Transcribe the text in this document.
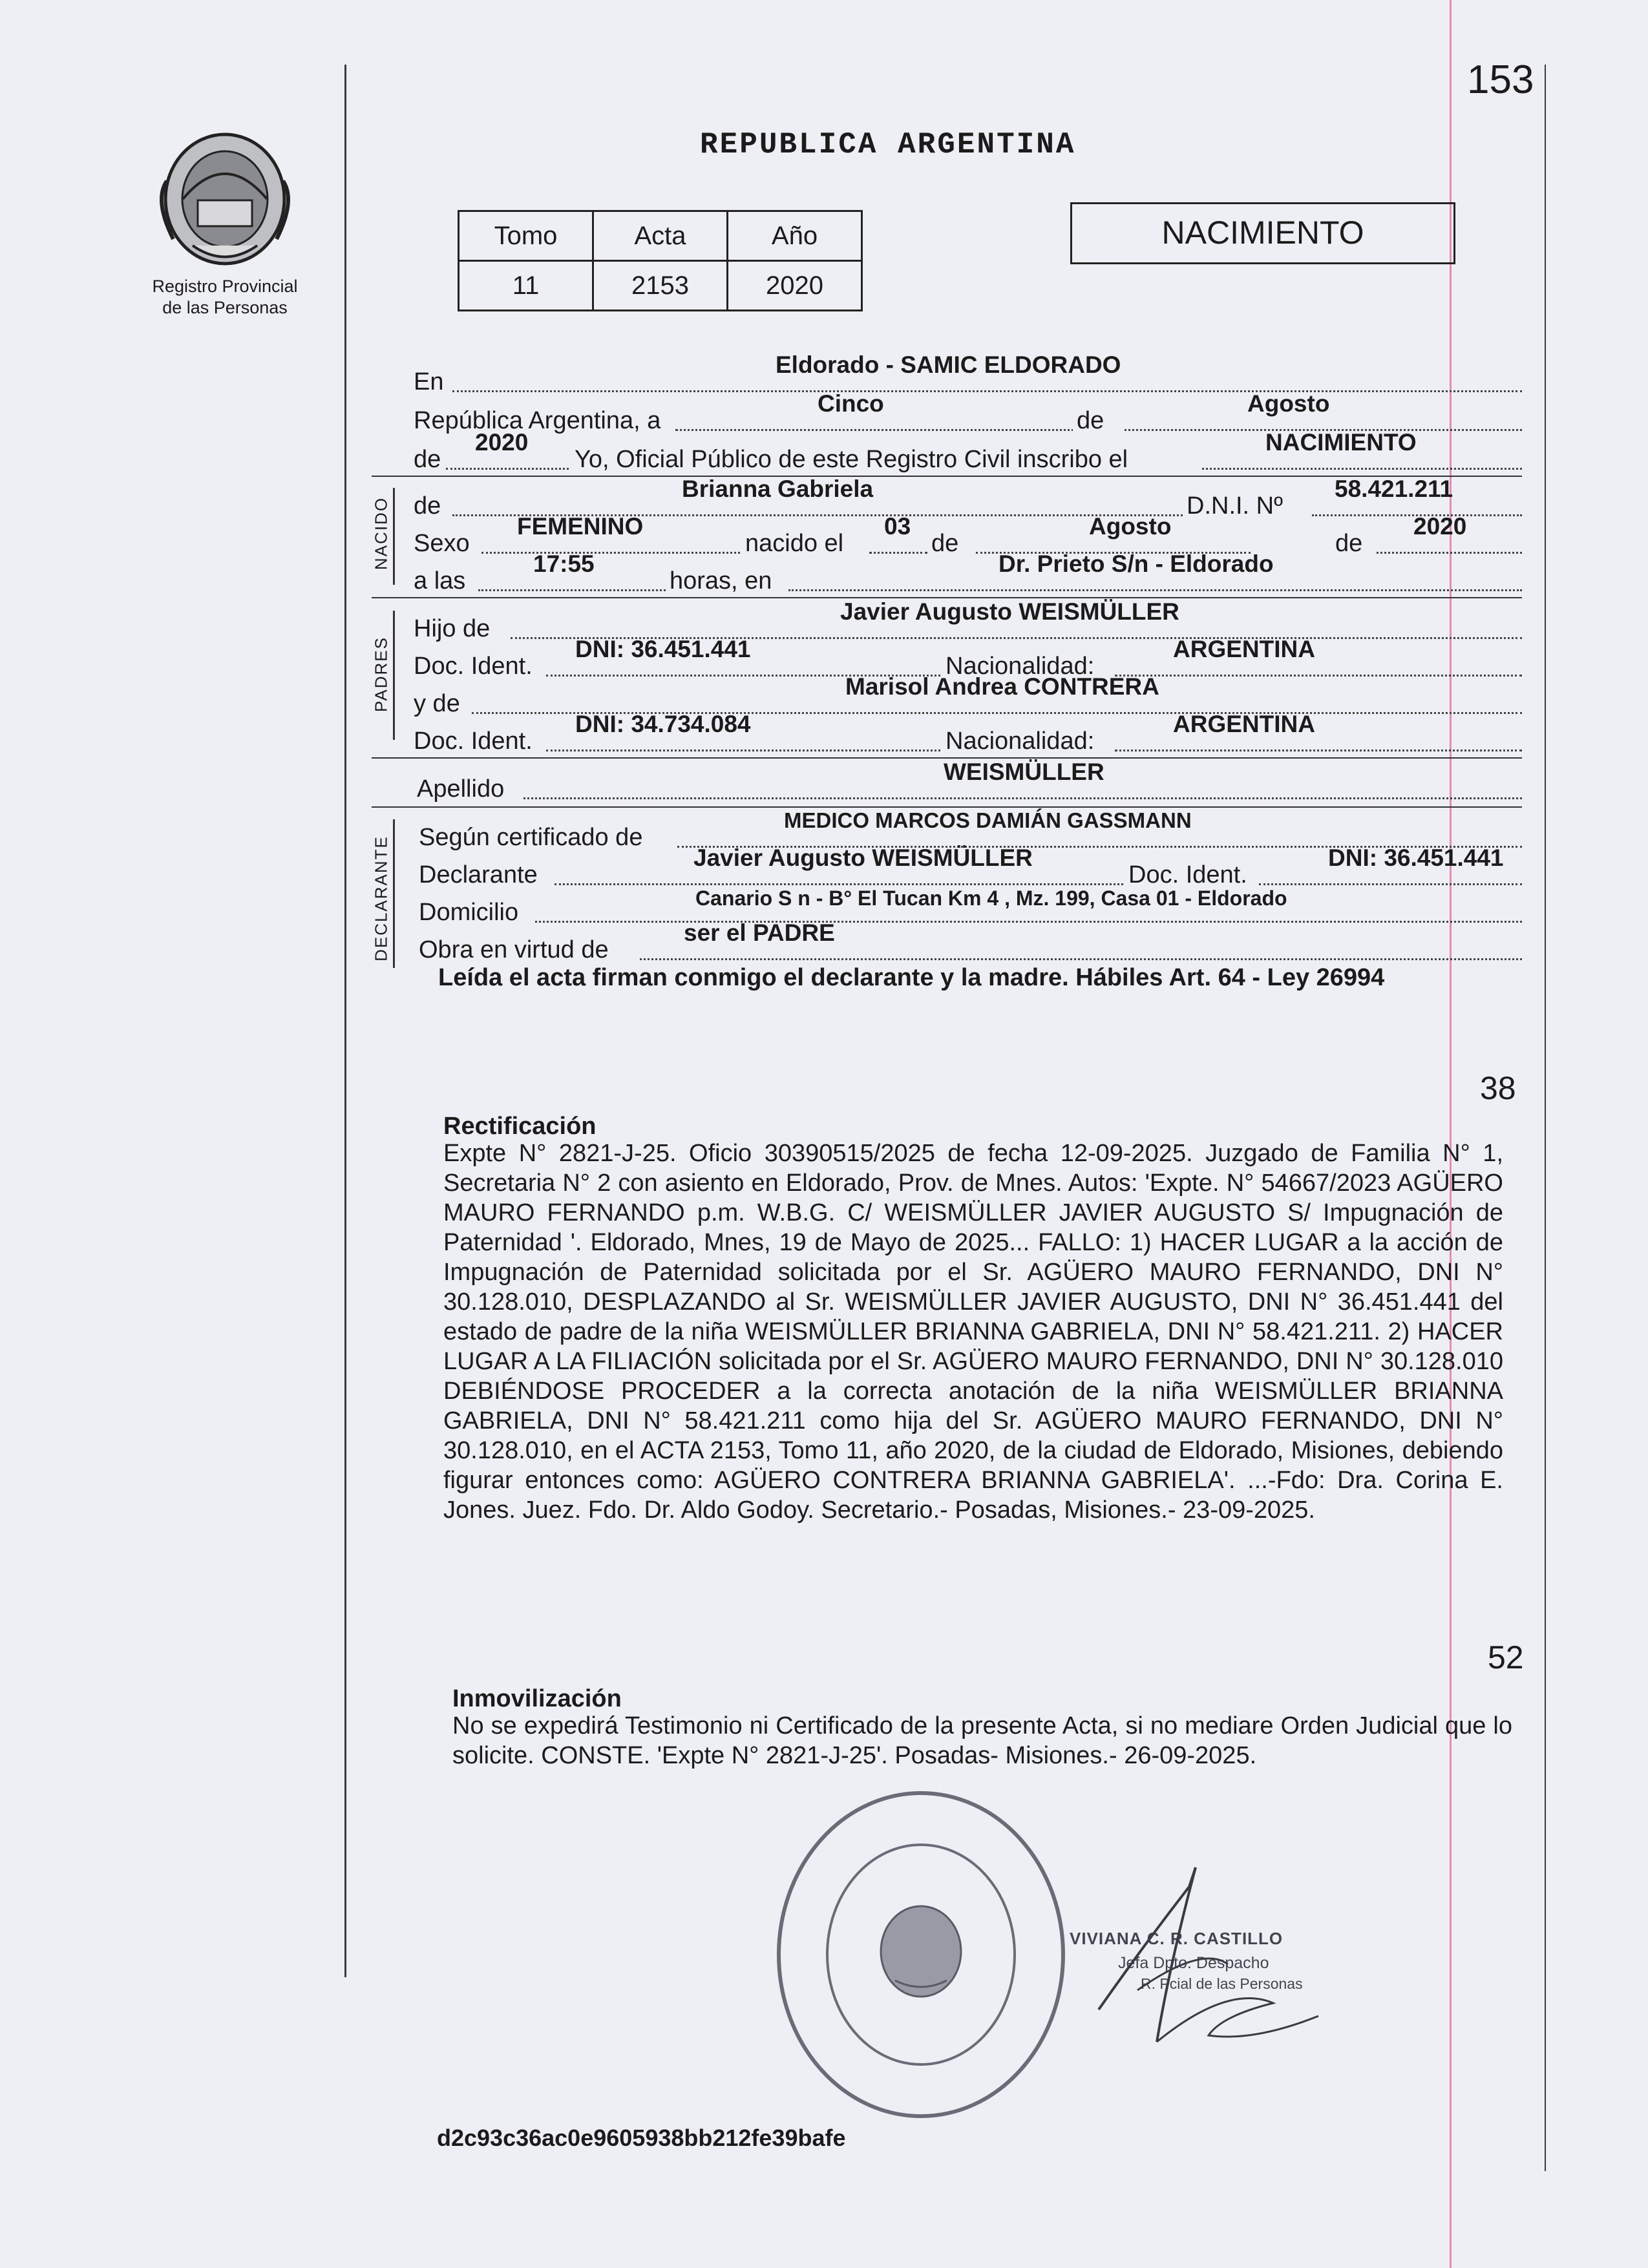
153
Registro Provincial
de las Personas
REPUBLICA ARGENTINA
Tomo	Acta	Año
11	2153	2020
NACIMIENTO
En
Eldorado - SAMIC ELDORADO
República Argentina, a
Cinco
de
Agosto
de
2020
Yo, Oficial Público de este Registro Civil inscribo el
NACIMIENTO
NACIDO de
Brianna Gabriela
D.N.I. Nº
58.421.211
Sexo
FEMENINO
nacido el
03
de
Agosto
de
2020
a las
17:55
horas, en
Dr. Prieto S/n - Eldorado
PADRES
Hijo de
Javier Augusto WEISMÜLLER
Doc. Ident.
DNI: 36.451.441
Nacionalidad:
ARGENTINA
y de
Marisol Andrea CONTRERA
Doc. Ident.
DNI: 34.734.084
Nacionalidad:
ARGENTINA
Apellido
WEISMÜLLER
DECLARANTE Según certificado de
MEDICO MARCOS DAMIÁN GASSMANN
Declarante
Javier Augusto WEISMÜLLER
Doc. Ident.
DNI: 36.451.441
Domicilio
Canario S n - B° El Tucan Km 4 , Mz. 199, Casa 01 - Eldorado
Obra en virtud de
ser el PADRE
Leída el acta firman conmigo el declarante y la madre. Hábiles Art. 64 - Ley 26994
38
Rectificación
Expte N° 2821-J-25. Oficio 30390515/2025 de fecha 12-09-2025. Juzgado de Familia N° 1, Secretaria N° 2 con asiento en Eldorado, Prov. de Mnes. Autos: 'Expte. N° 54667/2023 AGÜERO MAURO FERNANDO p.m. W.B.G. C/ WEISMÜLLER JAVIER AUGUSTO S/ Impugnación de Paternidad '. Eldorado, Mnes, 19 de Mayo de 2025... FALLO: 1) HACER LUGAR a la acción de Impugnación de Paternidad solicitada por el Sr. AGÜERO MAURO FERNANDO, DNI N° 30.128.010, DESPLAZANDO al Sr. WEISMÜLLER JAVIER AUGUSTO, DNI N° 36.451.441 del estado de padre de la niña WEISMÜLLER BRIANNA GABRIELA, DNI N° 58.421.211. 2) HACER LUGAR A LA FILIACIÓN solicitada por el Sr. AGÜERO MAURO FERNANDO, DNI N° 30.128.010 DEBIÉNDOSE PROCEDER a la correcta anotación de la niña WEISMÜLLER BRIANNA GABRIELA, DNI N° 58.421.211 como hija del Sr. AGÜERO MAURO FERNANDO, DNI N° 30.128.010, en el ACTA 2153, Tomo 11, año 2020, de la ciudad de Eldorado, Misiones, debiendo figurar entonces como: AGÜERO CONTRERA BRIANNA GABRIELA'. ...-Fdo: Dra. Corina E. Jones. Juez. Fdo. Dr. Aldo Godoy. Secretario.- Posadas, Misiones.- 23-09-2025.
52
Inmovilización
No se expedirá Testimonio ni Certificado de la presente Acta, si no mediare Orden Judicial que lo solicite. CONSTE. 'Expte N° 2821-J-25'. Posadas- Misiones.- 26-09-2025.
VIVIANA C. R. CASTILLO
Jefa Dpto. Despacho
R. Pcial de las Personas
d2c93c36ac0e9605938bb212fe39bafe
